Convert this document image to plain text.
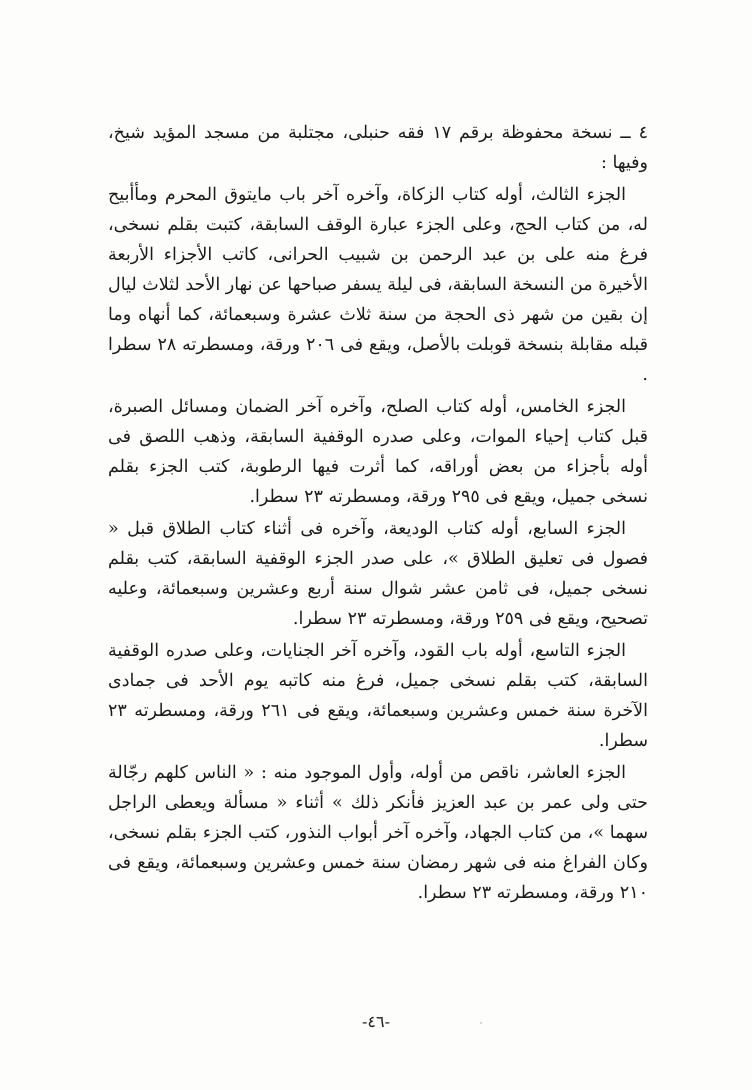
٤ ــ نسخة محفوظة برقم ١٧ فقه حنبلى، مجتلبة من مسجد المؤيد شيخ، وفيها :

الجزء الثالث، أوله كتاب الزكاة، وآخره آخر باب مايتوق المحرم ومأأبيح له، من كتاب الحج، وعلى الجزء عبارة الوقف السابقة، كتبت بقلم نسخى، فرغ منه على بن عبد الرحمن بن شبيب الحرانى، كاتب الأجزاء الأربعة الأخيرة من النسخة السابقة، فى ليلة يسفر صباحها عن نهار الأحد لثلاث ليال إن بقين من شهر ذى الحجة من سنة ثلاث عشرة وسبعمائة، كما أنهاه وما قبله مقابلة بنسخة قوبلت بالأصل، ويقع فى ٢٠٦ ورقة، ومسطرته ٢٨ سطرا .

الجزء الخامس، أوله كتاب الصلح، وآخره آخر الضمان ومسائل الصبرة، قبل كتاب إحياء الموات، وعلى صدره الوقفية السابقة، وذهب اللصق فى أوله بأجزاء من بعض أوراقه، كما أثرت فيها الرطوبة، كتب الجزء بقلم نسخى جميل، ويقع فى ٢٩٥ ورقة، ومسطرته ٢٣ سطرا.

الجزء السابع، أوله كتاب الوديعة، وآخره فى أثناء كتاب الطلاق قبل « فصول فى تعليق الطلاق »، على صدر الجزء الوقفية السابقة، كتب بقلم نسخى جميل، فى ثامن عشر شوال سنة أربع وعشرين وسبعمائة، وعليه تصحيح، ويقع فى ٢٥٩ ورقة، ومسطرته ٢٣ سطرا.

الجزء التاسع، أوله باب القود، وآخره آخر الجنايات، وعلى صدره الوقفية السابقة، كتب بقلم نسخى جميل، فرغ منه كاتبه يوم الأحد فى جمادى الآخرة سنة خمس وعشرين وسبعمائة، ويقع فى ٢٦١ ورقة، ومسطرته ٢٣ سطرا.

الجزء العاشر، ناقص من أوله، وأول الموجود منه : « الناس كلهم رجّالة حتى ولى عمر بن عبد العزيز فأنكر ذلك » أثناء « مسألة ويعطى الراجل سهما »، من كتاب الجهاد، وآخره آخر أبواب النذور، كتب الجزء بقلم نسخى، وكان الفراغ منه فى شهر رمضان سنة خمس وعشرين وسبعمائة، ويقع فى ٢١٠ ورقة، ومسطرته ٢٣ سطرا.

-٤٦-
